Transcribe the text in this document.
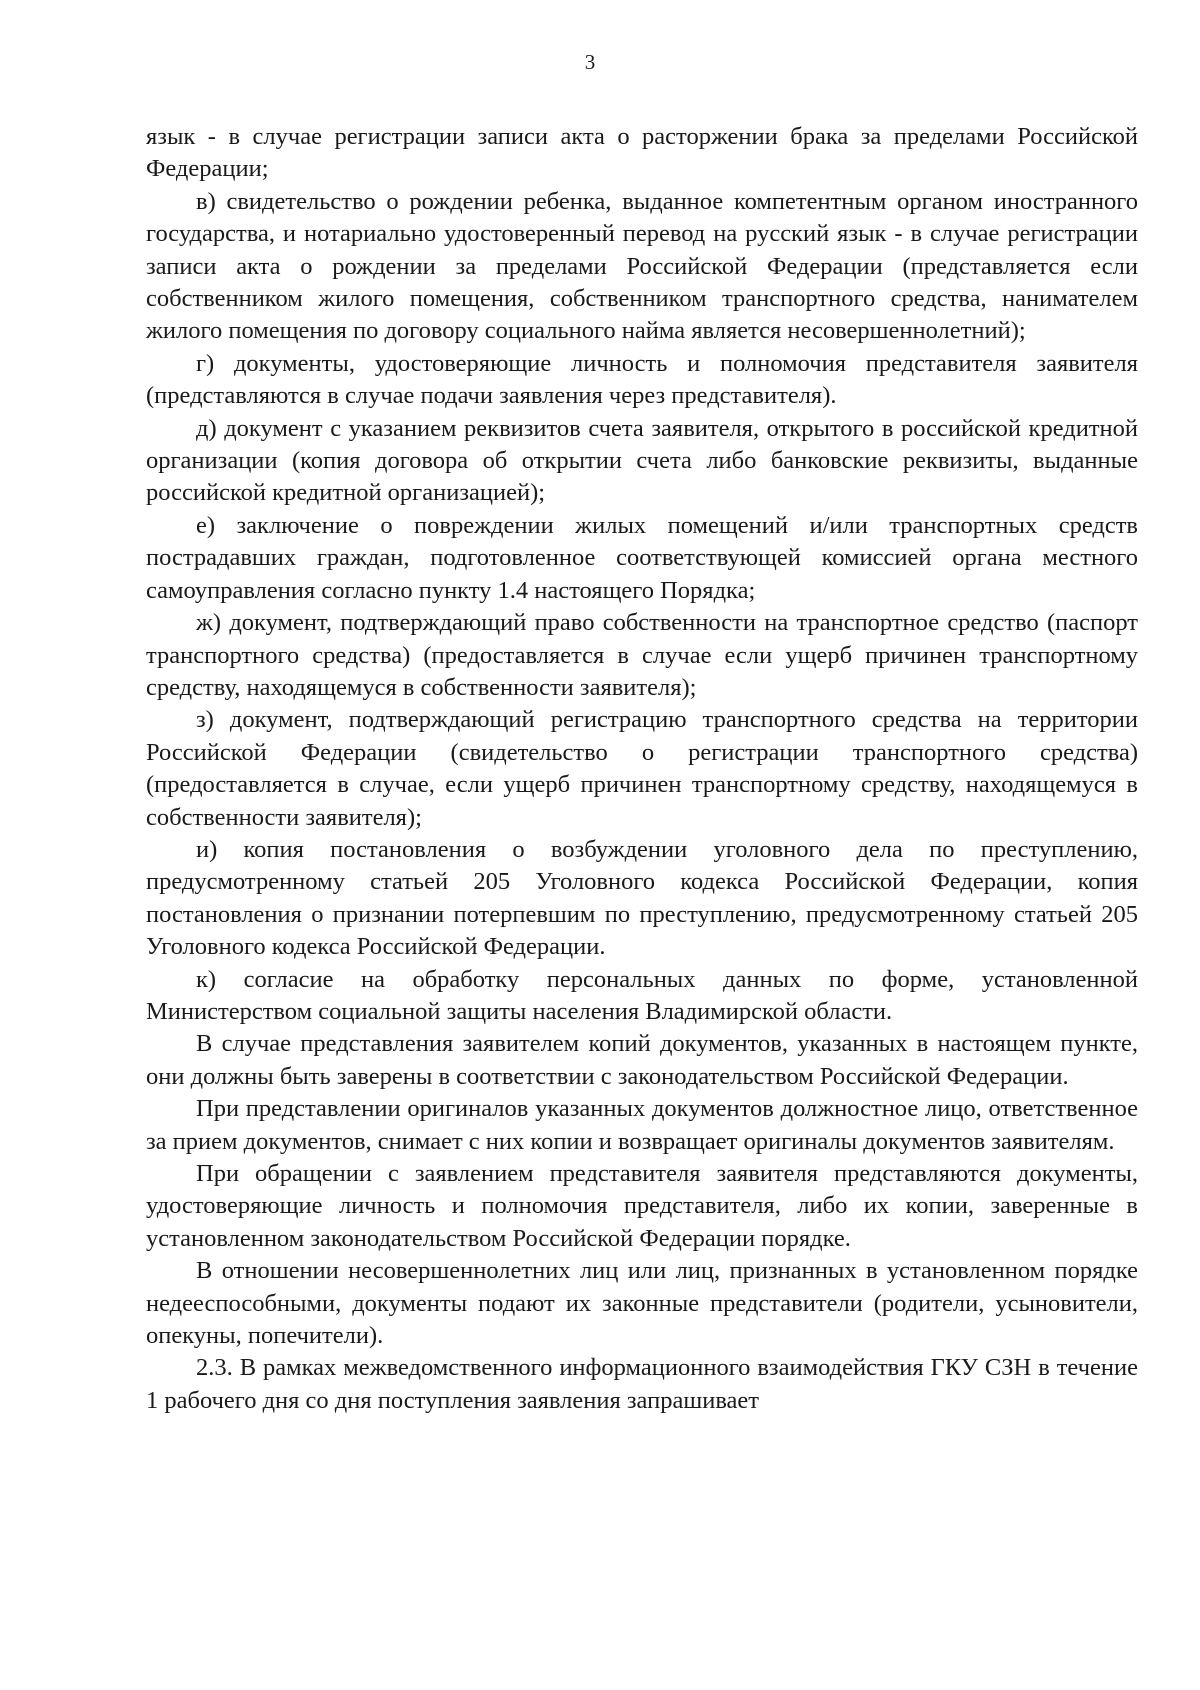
3

язык - в случае регистрации записи акта о расторжении брака за пределами Российской Федерации;

в) свидетельство о рождении ребенка, выданное компетентным органом иностранного государства, и нотариально удостоверенный перевод на русский язык - в случае регистрации записи акта о рождении за пределами Российской Федерации (представляется если собственником жилого помещения, собственником транспортного средства, нанимателем жилого помещения по договору социального найма является несовершеннолетний);

г) документы, удостоверяющие личность и полномочия представителя заявителя (представляются в случае подачи заявления через представителя).

д) документ с указанием реквизитов счета заявителя, открытого в российской кредитной организации (копия договора об открытии счета либо банковские реквизиты, выданные российской кредитной организацией);

е) заключение о повреждении жилых помещений и/или транспортных средств пострадавших граждан, подготовленное соответствующей комиссией органа местного самоуправления согласно пункту 1.4 настоящего Порядка;

ж) документ, подтверждающий право собственности на транспортное средство (паспорт транспортного средства) (предоставляется в случае если ущерб причинен транспортному средству, находящемуся в собственности заявителя);

з) документ, подтверждающий регистрацию транспортного средства на территории Российской Федерации (свидетельство о регистрации транспортного средства) (предоставляется в случае, если ущерб причинен транспортному средству, находящемуся в собственности заявителя);

и) копия постановления о возбуждении уголовного дела по преступлению, предусмотренному статьей 205 Уголовного кодекса Российской Федерации, копия постановления о признании потерпевшим по преступлению, предусмотренному статьей 205 Уголовного кодекса Российской Федерации.

к) согласие на обработку персональных данных по форме, установленной Министерством социальной защиты населения Владимирской области.

В случае представления заявителем копий документов, указанных в настоящем пункте, они должны быть заверены в соответствии с законодательством Российской Федерации.

При представлении оригиналов указанных документов должностное лицо, ответственное за прием документов, снимает с них копии и возвращает оригиналы документов заявителям.

При обращении с заявлением представителя заявителя представляются документы, удостоверяющие личность и полномочия представителя, либо их копии, заверенные в установленном законодательством Российской Федерации порядке.

В отношении несовершеннолетних лиц или лиц, признанных в установленном порядке недееспособными, документы подают их законные представители (родители, усыновители, опекуны, попечители).

2.3. В рамках межведомственного информационного взаимодействия ГКУ СЗН в течение 1 рабочего дня со дня поступления заявления запрашивает
